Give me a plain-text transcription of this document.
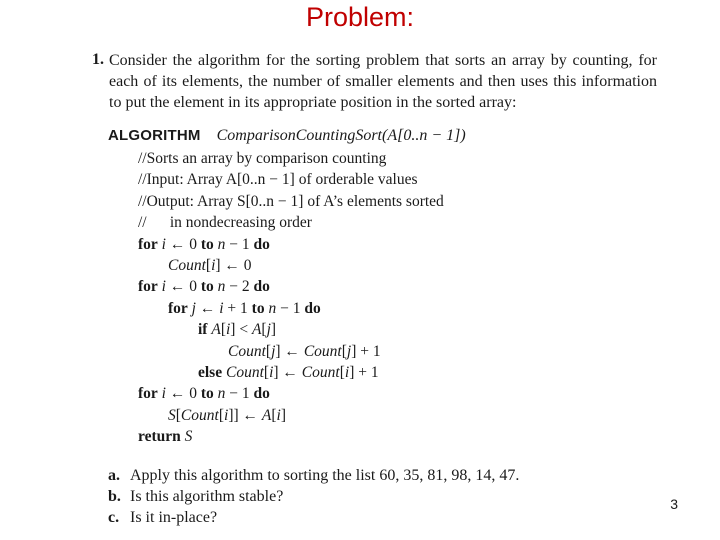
Problem:
1. Consider the algorithm for the sorting problem that sorts an array by counting, for each of its elements, the number of smaller elements and then uses this information to put the element in its appropriate position in the sorted array:

ALGORITHM ComparisonCountingSort(A[0..n − 1])
//Sorts an array by comparison counting
//Input: Array A[0..n − 1] of orderable values
//Output: Array S[0..n − 1] of A’s elements sorted
//      in nondecreasing order
for i ← 0 to n − 1 do
Count[i] ← 0
for i ← 0 to n − 2 do
for j ← i + 1 to n − 1 do
if A[i] < A[j]
Count[j] ← Count[j] + 1
else Count[i] ← Count[i] + 1
for i ← 0 to n − 1 do
S[Count[i]] ← A[i]
return S
a. Apply this algorithm to sorting the list 60, 35, 81, 98, 14, 47.
b. Is this algorithm stable?
c. Is it in-place?
3
